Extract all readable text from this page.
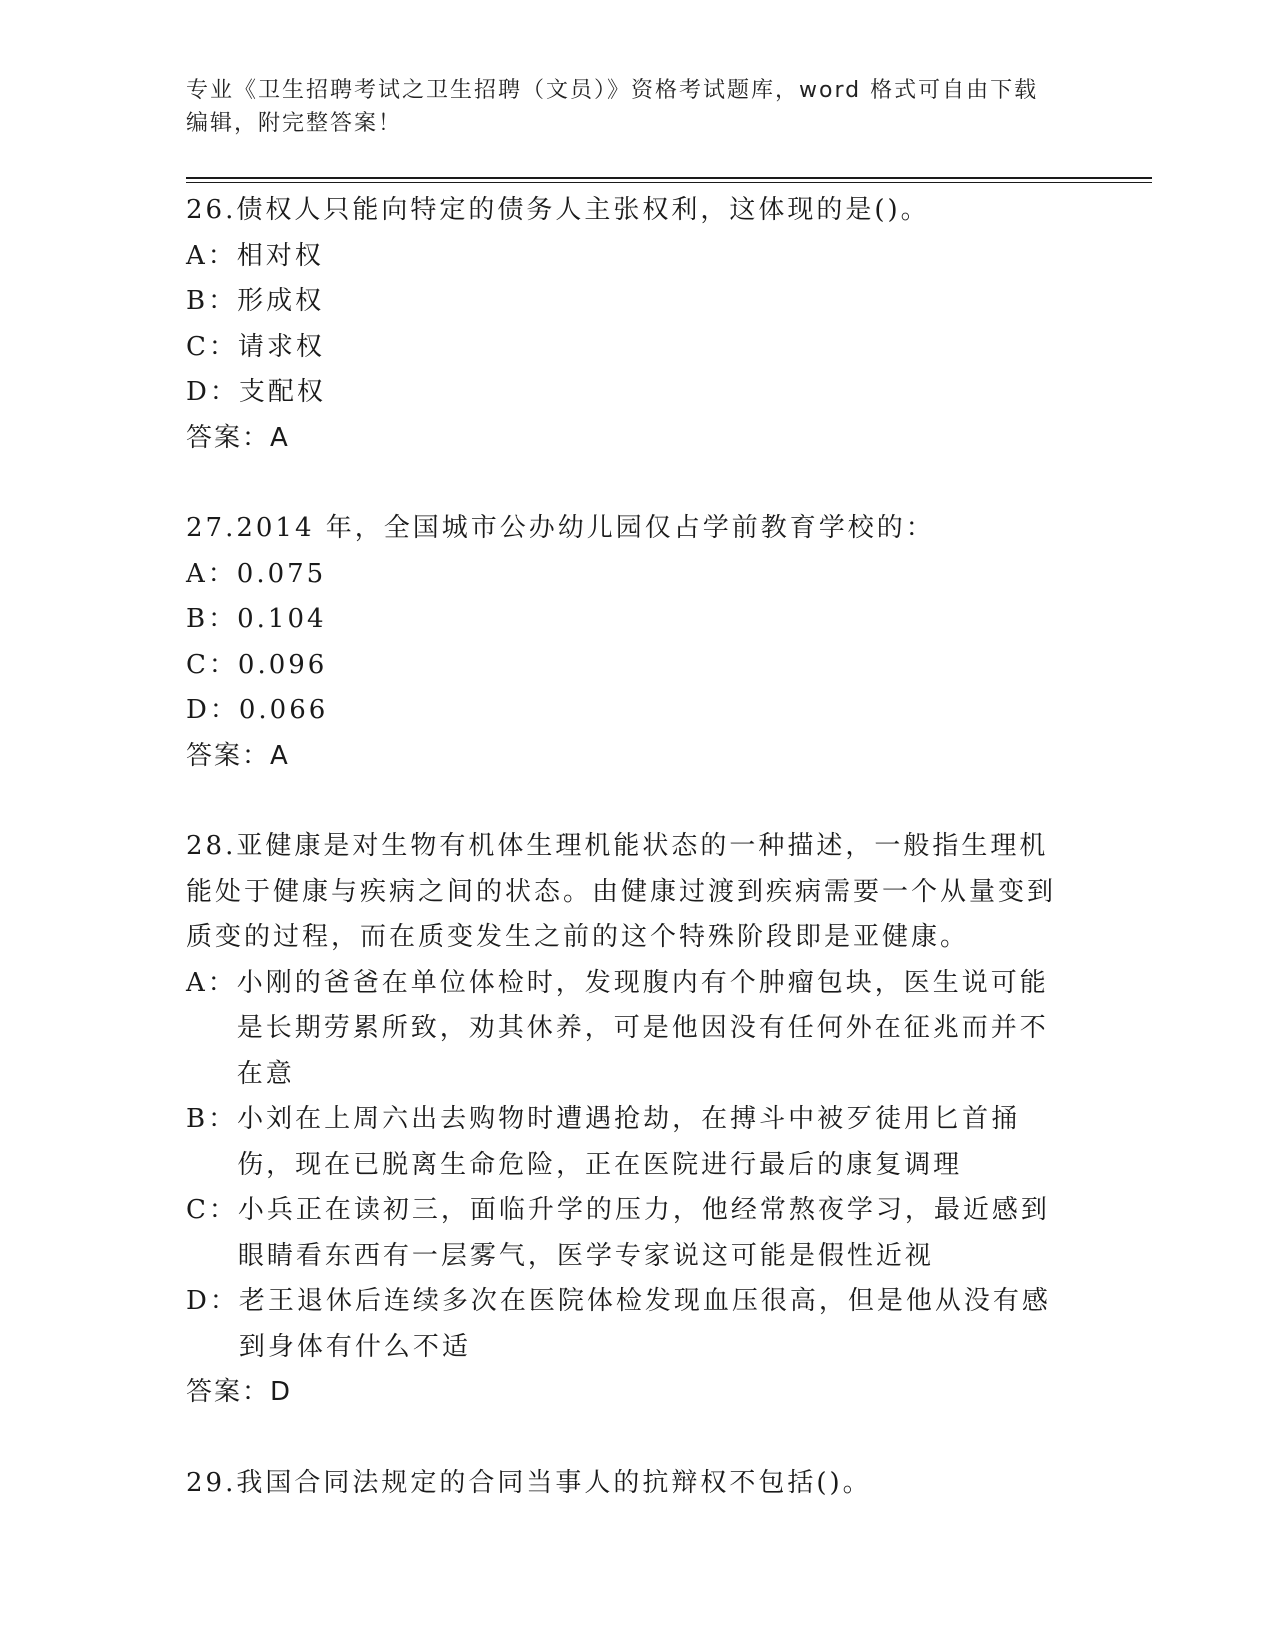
专业《卫生招聘考试之卫生招聘（文员）》资格考试题库，word 格式可自由下载
编辑，附完整答案！
26.债权人只能向特定的债务人主张权利，这体现的是()。
A： 相对权
B： 形成权
C： 请求权
D： 支配权
答案：A
27.2014 年，全国城市公办幼儿园仅占学前教育学校的：
A： 0.075
B： 0.104
C： 0.096
D： 0.066
答案：A
28.亚健康是对生物有机体生理机能状态的一种描述，一般指生理机能处于健康与疾病之间的状态。由健康过渡到疾病需要一个从量变到质变的过程，而在质变发生之前的这个特殊阶段即是亚健康。
A： 小刚的爸爸在单位体检时，发现腹内有个肿瘤包块，医生说可能是长期劳累所致，劝其休养，可是他因没有任何外在征兆而并不在意
B： 小刘在上周六出去购物时遭遇抢劫，在搏斗中被歹徒用匕首捅伤，现在已脱离生命危险，正在医院进行最后的康复调理
C： 小兵正在读初三，面临升学的压力，他经常熬夜学习，最近感到眼睛看东西有一层雾气，医学专家说这可能是假性近视
D： 老王退休后连续多次在医院体检发现血压很高，但是他从没有感到身体有什么不适
答案：D
29.我国合同法规定的合同当事人的抗辩权不包括()。
